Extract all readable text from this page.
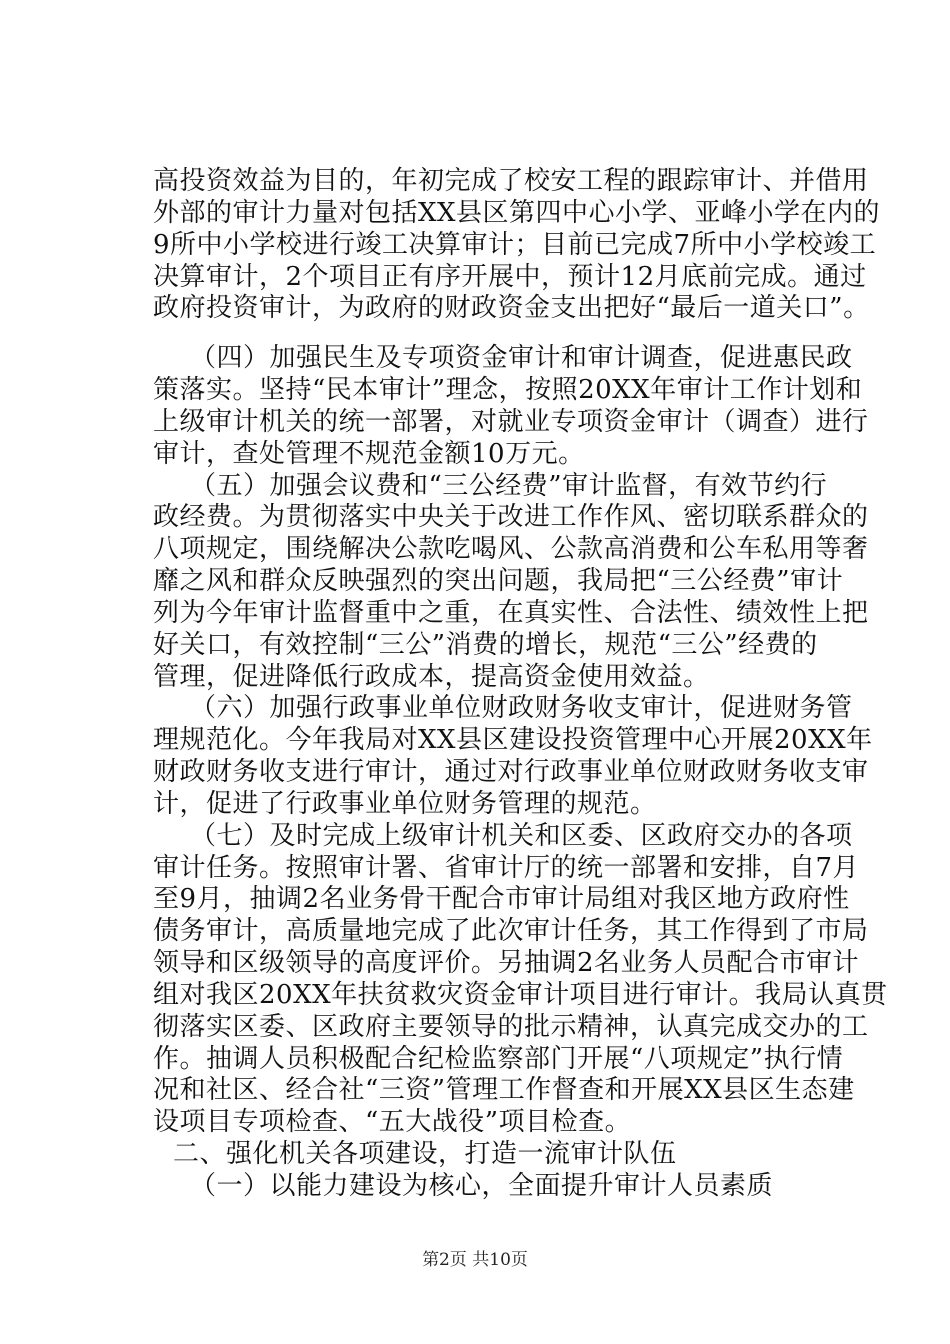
高投资效益为目的，年初完成了校安工程的跟踪审计、并借用
外部的审计力量对包括XX县区第四中心小学、亚峰小学在内的
9所中小学校进行竣工决算审计；目前已完成7所中小学校竣工
决算审计，2个项目正有序开展中，预计12月底前完成。通过
政府投资审计，为政府的财政资金支出把好“最后一道关口”。
（四）加强民生及专项资金审计和审计调查，促进惠民政
策落实。坚持“民本审计”理念，按照20XX年审计工作计划和
上级审计机关的统一部署，对就业专项资金审计（调查）进行
审计，查处管理不规范金额10万元。
（五）加强会议费和“三公经费”审计监督，有效节约行
政经费。为贯彻落实中央关于改进工作作风、密切联系群众的
八项规定，围绕解决公款吃喝风、公款高消费和公车私用等奢
靡之风和群众反映强烈的突出问题，我局把“三公经费”审计
列为今年审计监督重中之重，在真实性、合法性、绩效性上把
好关口，有效控制“三公”消费的增长，规范“三公”经费的
管理，促进降低行政成本，提高资金使用效益。
（六）加强行政事业单位财政财务收支审计，促进财务管
理规范化。今年我局对XX县区建设投资管理中心开展20XX年
财政财务收支进行审计，通过对行政事业单位财政财务收支审
计，促进了行政事业单位财务管理的规范。
（七）及时完成上级审计机关和区委、区政府交办的各项
审计任务。按照审计署、省审计厅的统一部署和安排，自7月
至9月，抽调2名业务骨干配合市审计局组对我区地方政府性
债务审计，高质量地完成了此次审计任务，其工作得到了市局
领导和区级领导的高度评价。另抽调2名业务人员配合市审计
组对我区20XX年扶贫救灾资金审计项目进行审计。我局认真贯
彻落实区委、区政府主要领导的批示精神，认真完成交办的工
作。抽调人员积极配合纪检监察部门开展“八项规定”执行情
况和社区、经合社“三资”管理工作督查和开展XX县区生态建
设项目专项检查、“五大战役”项目检查。
二、强化机关各项建设，打造一流审计队伍
（一）以能力建设为核心，全面提升审计人员素质
第2页 共10页
